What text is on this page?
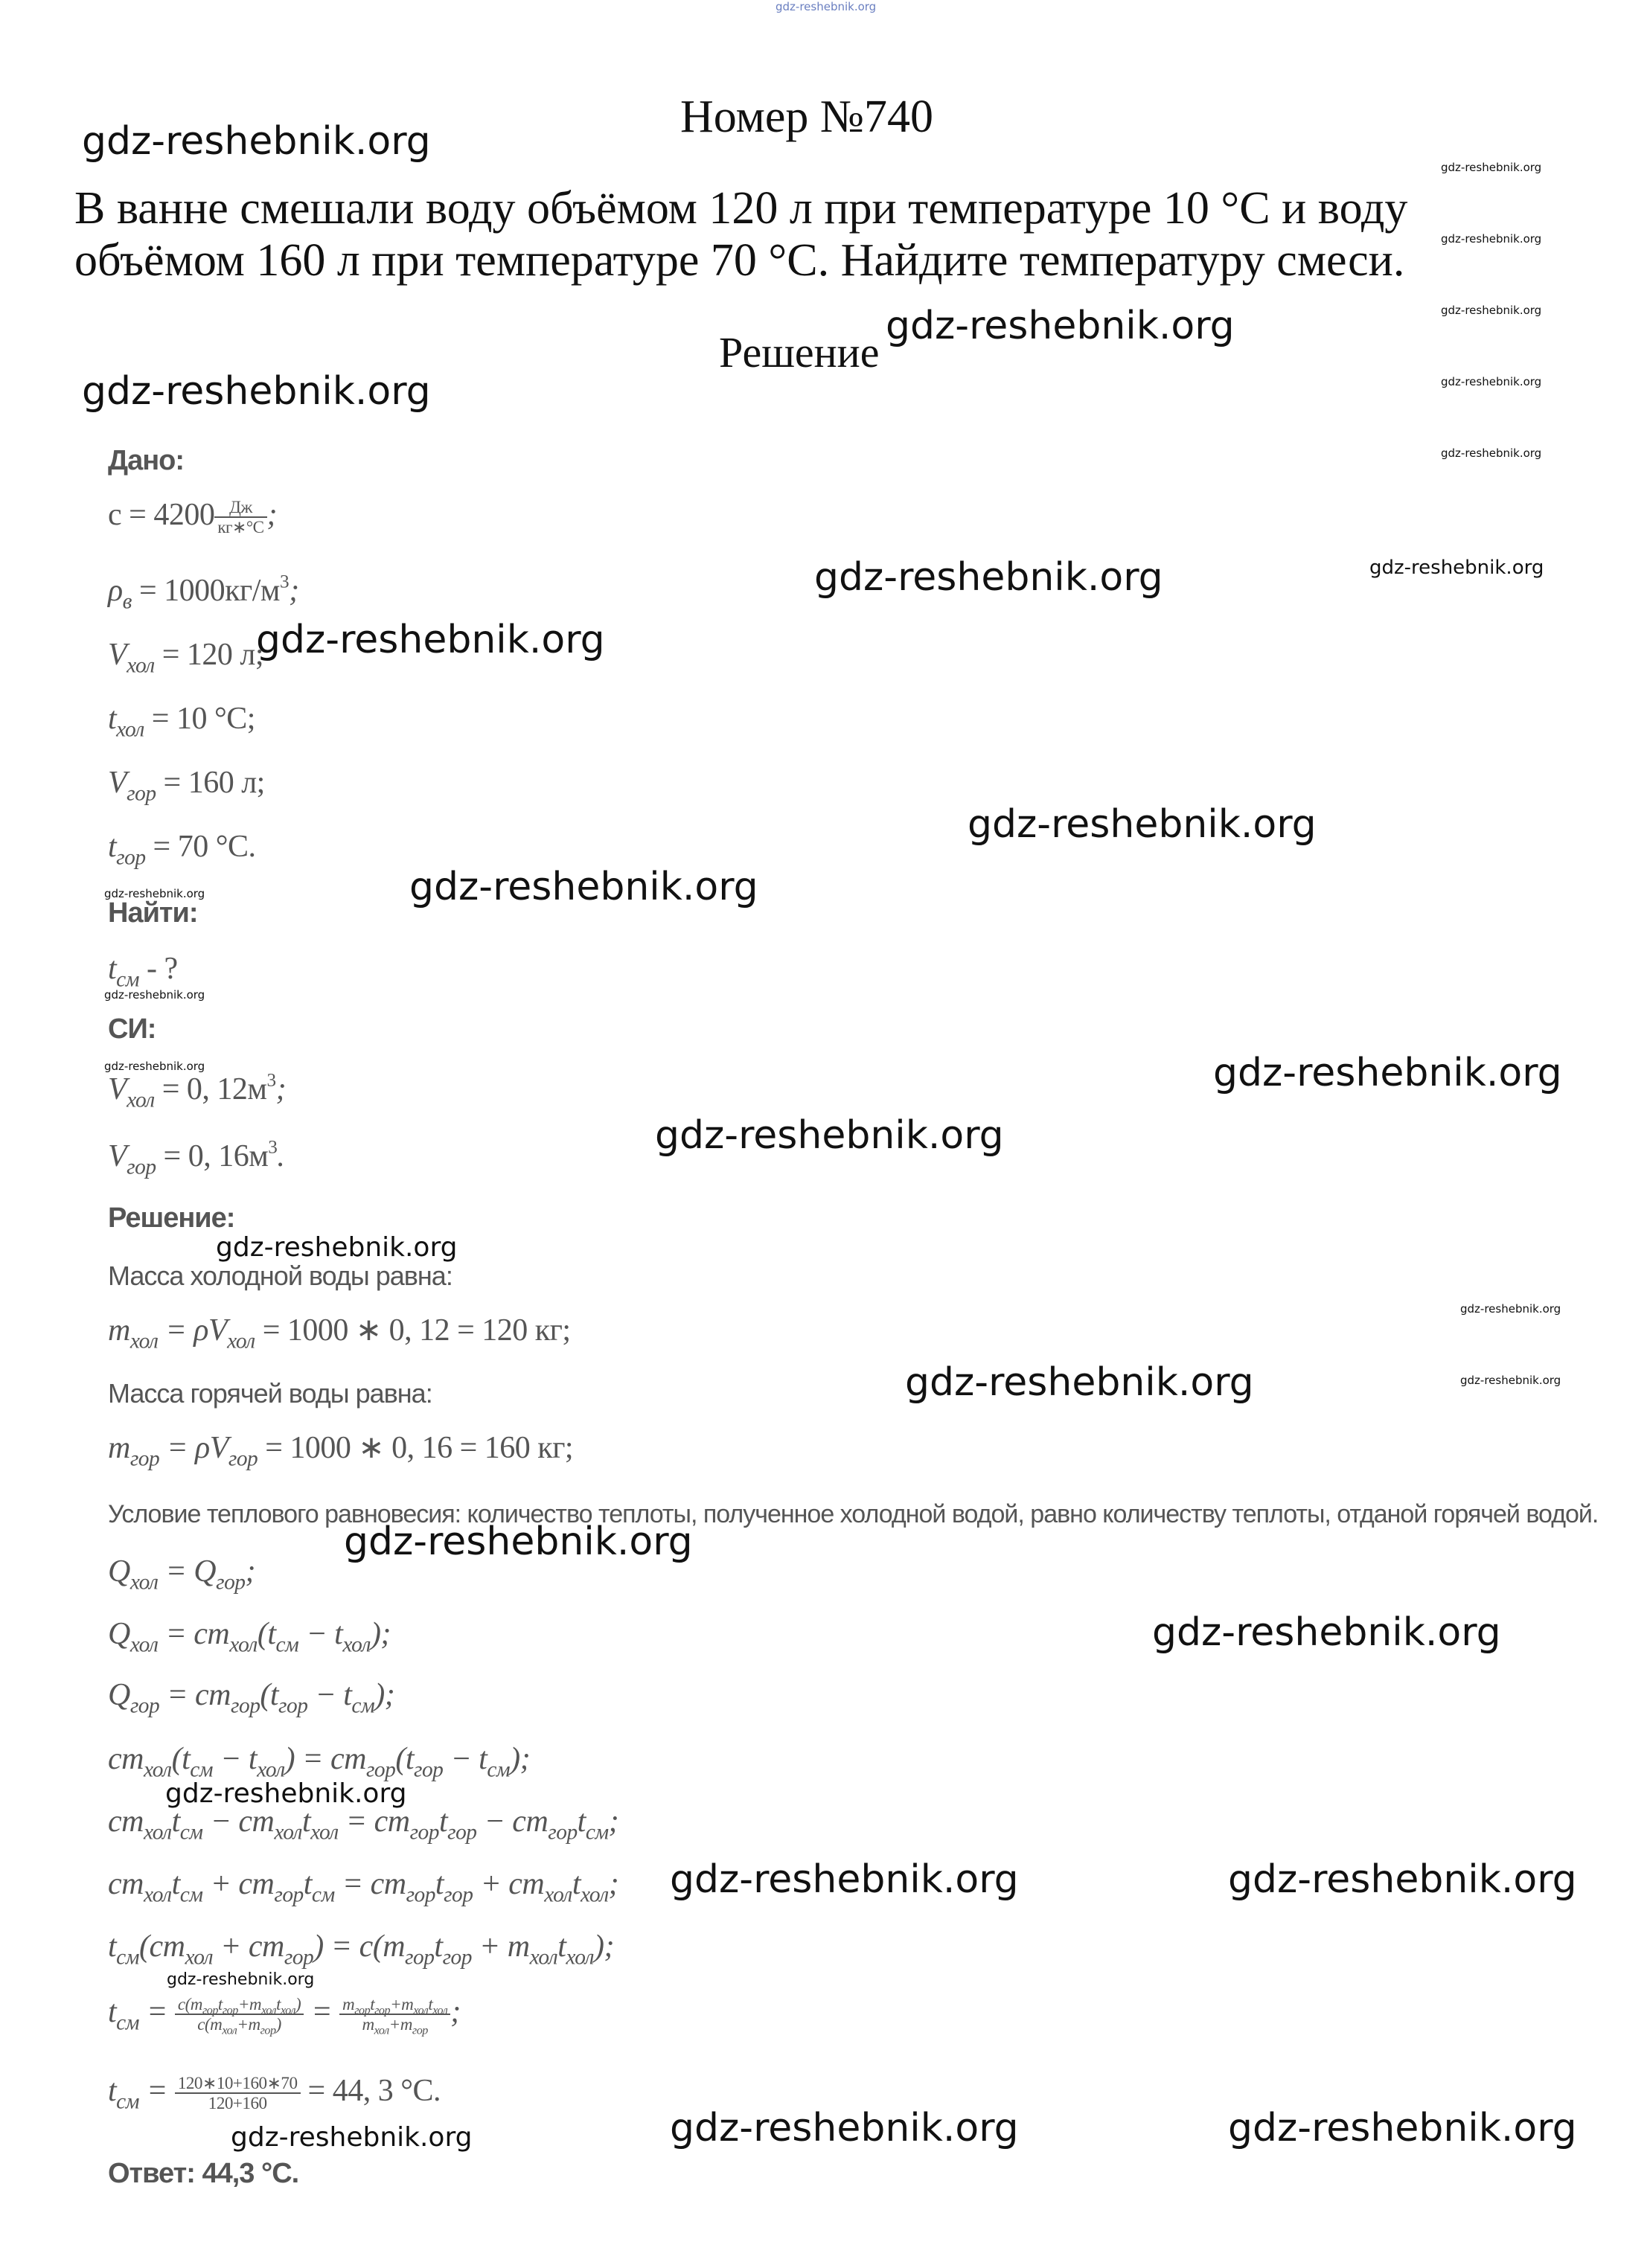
gdz-reshebnik.org
Номер №740
В ванне смешали воду объёмом 120 л при температуре 10 °С и воду
объёмом 160 л при температуре 70 °С. Найдите температуру смеси.
Решение
Дано:
$c = 4200 \frac{Дж}{кг∗^\circ С}$ ;
$\rho_в = 1000кг/м^3$;
$V_{хол} = 120$ л;
$t_{хол} = 10$ °С;
$V_{гор} = 160$ л;
$t_{гор} = 70$ °С.
Найти:
$t_{см}$ - ?
СИ:
$V_{хол} = 0$, $12м^3$;
$V_{гор} = 0$, $16м^3$.
Решение:
Масса холодной воды равна:
$m_{хол} = \rho V_{хол} = 1000$ ∗ 0, 12 = 120 кг;
Масса горячей воды равна:
$m_{гор} = \rho V_{гор} = 1000$ ∗ 0, 16 = 160 кг;
Условие теплового равновесия: количество теплоты, полученное холодной водой, равно количеству теплоты, отданой горячей водой.
$Q_{хол} = Q_{гор}$;
$Q_{хол} = cm_{хол}(t_{см} - t_{хол})$;
$Q_{гор} = cm_{гор}(t_{гор} - t_{см})$;
$cm_{хол}(t_{см} - t_{хол}) = cm_{гор}(t_{гор} - t_{см})$;
$cm_{хол}t_{см} - cm_{хол}t_{хол} = cm_{гор}t_{гор} - cm_{гор}t_{см}$;
$cm_{хол}t_{см} + cm_{гор}t_{см} = cm_{гор}t_{гор} + cm_{хол}t_{хол}$;
$t_{см}(cm_{хол} + cm_{гор}) = c(m_{гор}t_{гор} + m_{хол}t_{хол})$;
$t_{см} = \frac{c(m_{гор}t_{гор}+m_{хол}t_{хол})}{c(m_{хол}+m_{гор})} = \frac{m_{гор}t_{гор}+m_{хол}t_{хол}}{m_{хол}+m_{гор}}$ ;
$t_{см} = \frac{120∗10+160∗70}{120+160} = 44$, 3 °С.
Ответ: 44,3 °С.
gdz-reshebnik.org
gdz-reshebnik.org
gdz-reshebnik.org
gdz-reshebnik.org
gdz-reshebnik.org
gdz-reshebnik.org
gdz-reshebnik.org
gdz-reshebnik.org
gdz-reshebnik.org
gdz-reshebnik.org
gdz-reshebnik.org
gdz-reshebnik.org
gdz-reshebnik.org	gdz-reshebnik.org
gdz-reshebnik.org	gdz-reshebnik.org
gdz-reshebnik.org
gdz-reshebnik.org
gdz-reshebnik.org
gdz-reshebnik.org
gdz-reshebnik.org
gdz-reshebnik.org
gdz-reshebnik.org
gdz-reshebnik.org
gdz-reshebnik.org
gdz-reshebnik.org
gdz-reshebnik.org
gdz-reshebnik.org
gdz-reshebnik.org
gdz-reshebnik.org
gdz-reshebnik.org
